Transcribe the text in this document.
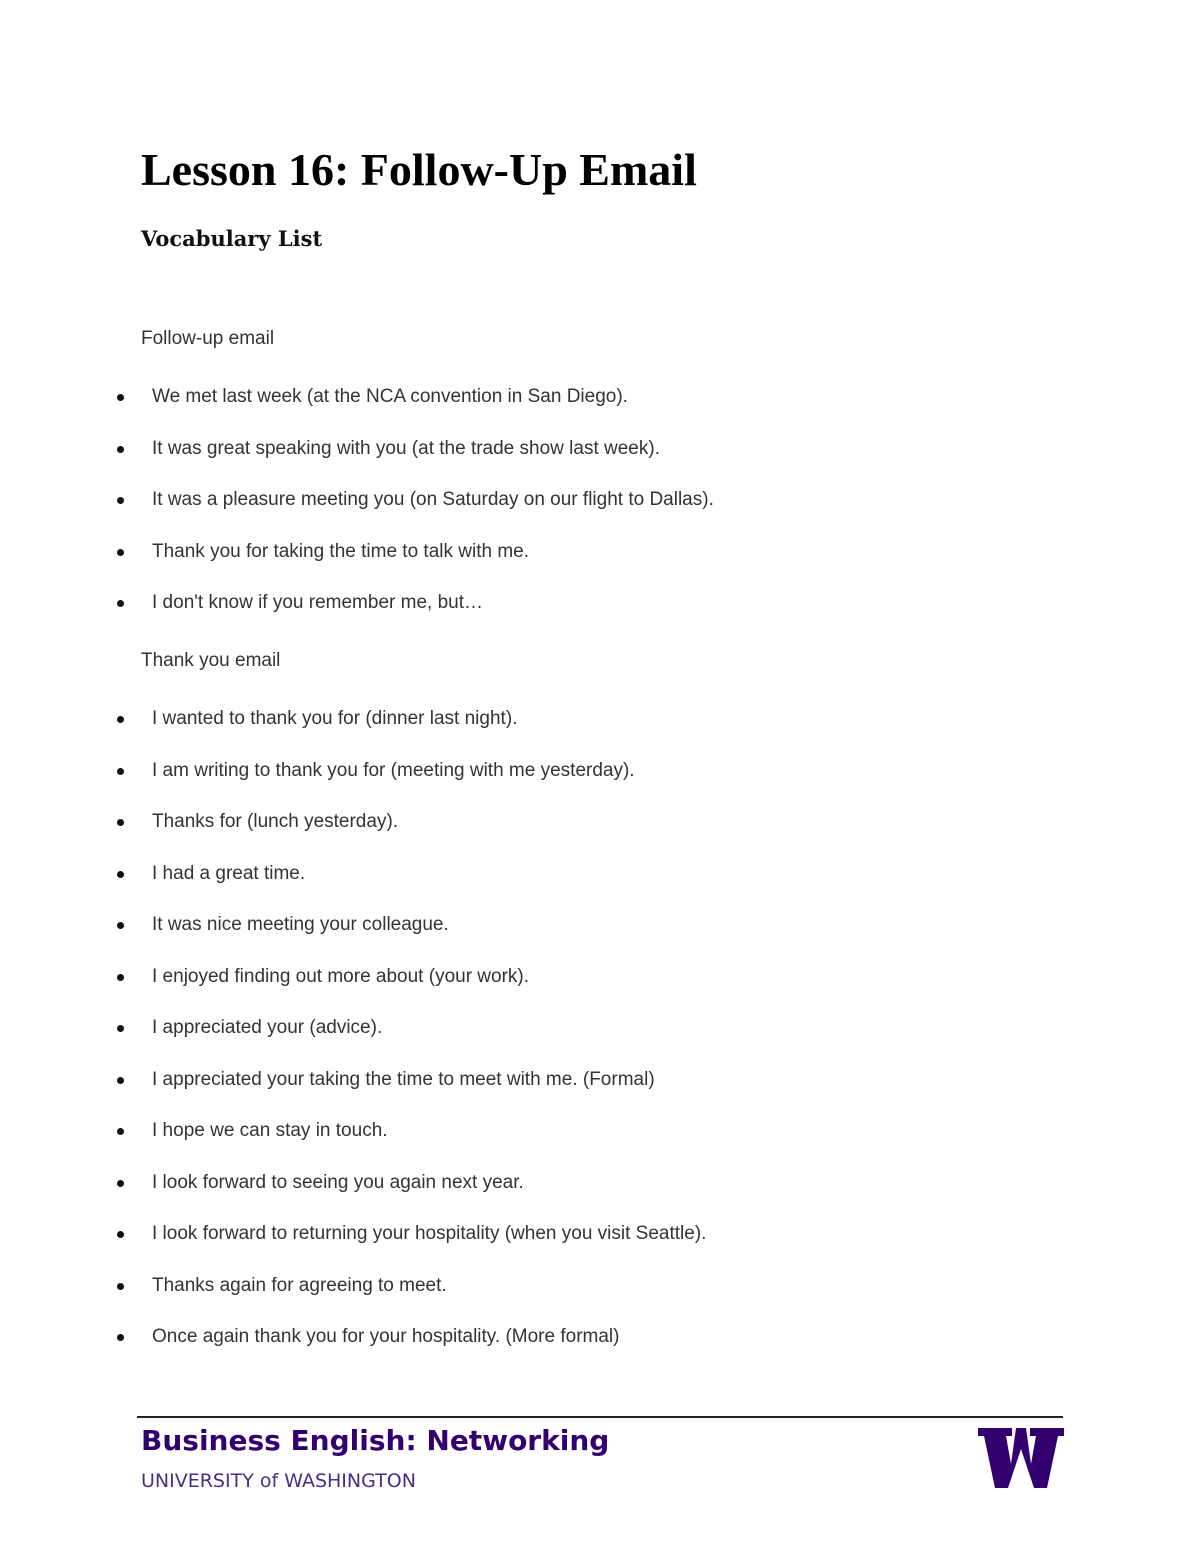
Lesson 16: Follow-Up Email
Vocabulary List

Follow-up email

We met last week (at the NCA convention in San Diego).
It was great speaking with you (at the trade show last week).
It was a pleasure meeting you (on Saturday on our flight to Dallas).
Thank you for taking the time to talk with me.
I don't know if you remember me, but…

Thank you email

I wanted to thank you for (dinner last night).
I am writing to thank you for (meeting with me yesterday).
Thanks for (lunch yesterday).
I had a great time.
It was nice meeting your colleague.
I enjoyed finding out more about (your work).
I appreciated your (advice).
I appreciated your taking the time to meet with me. (Formal)
I hope we can stay in touch.
I look forward to seeing you again next year.
I look forward to returning your hospitality (when you visit Seattle).
Thanks again for agreeing to meet.
Once again thank you for your hospitality. (More formal)

Business English: Networking

UNIVERSITY of WASHINGTON
